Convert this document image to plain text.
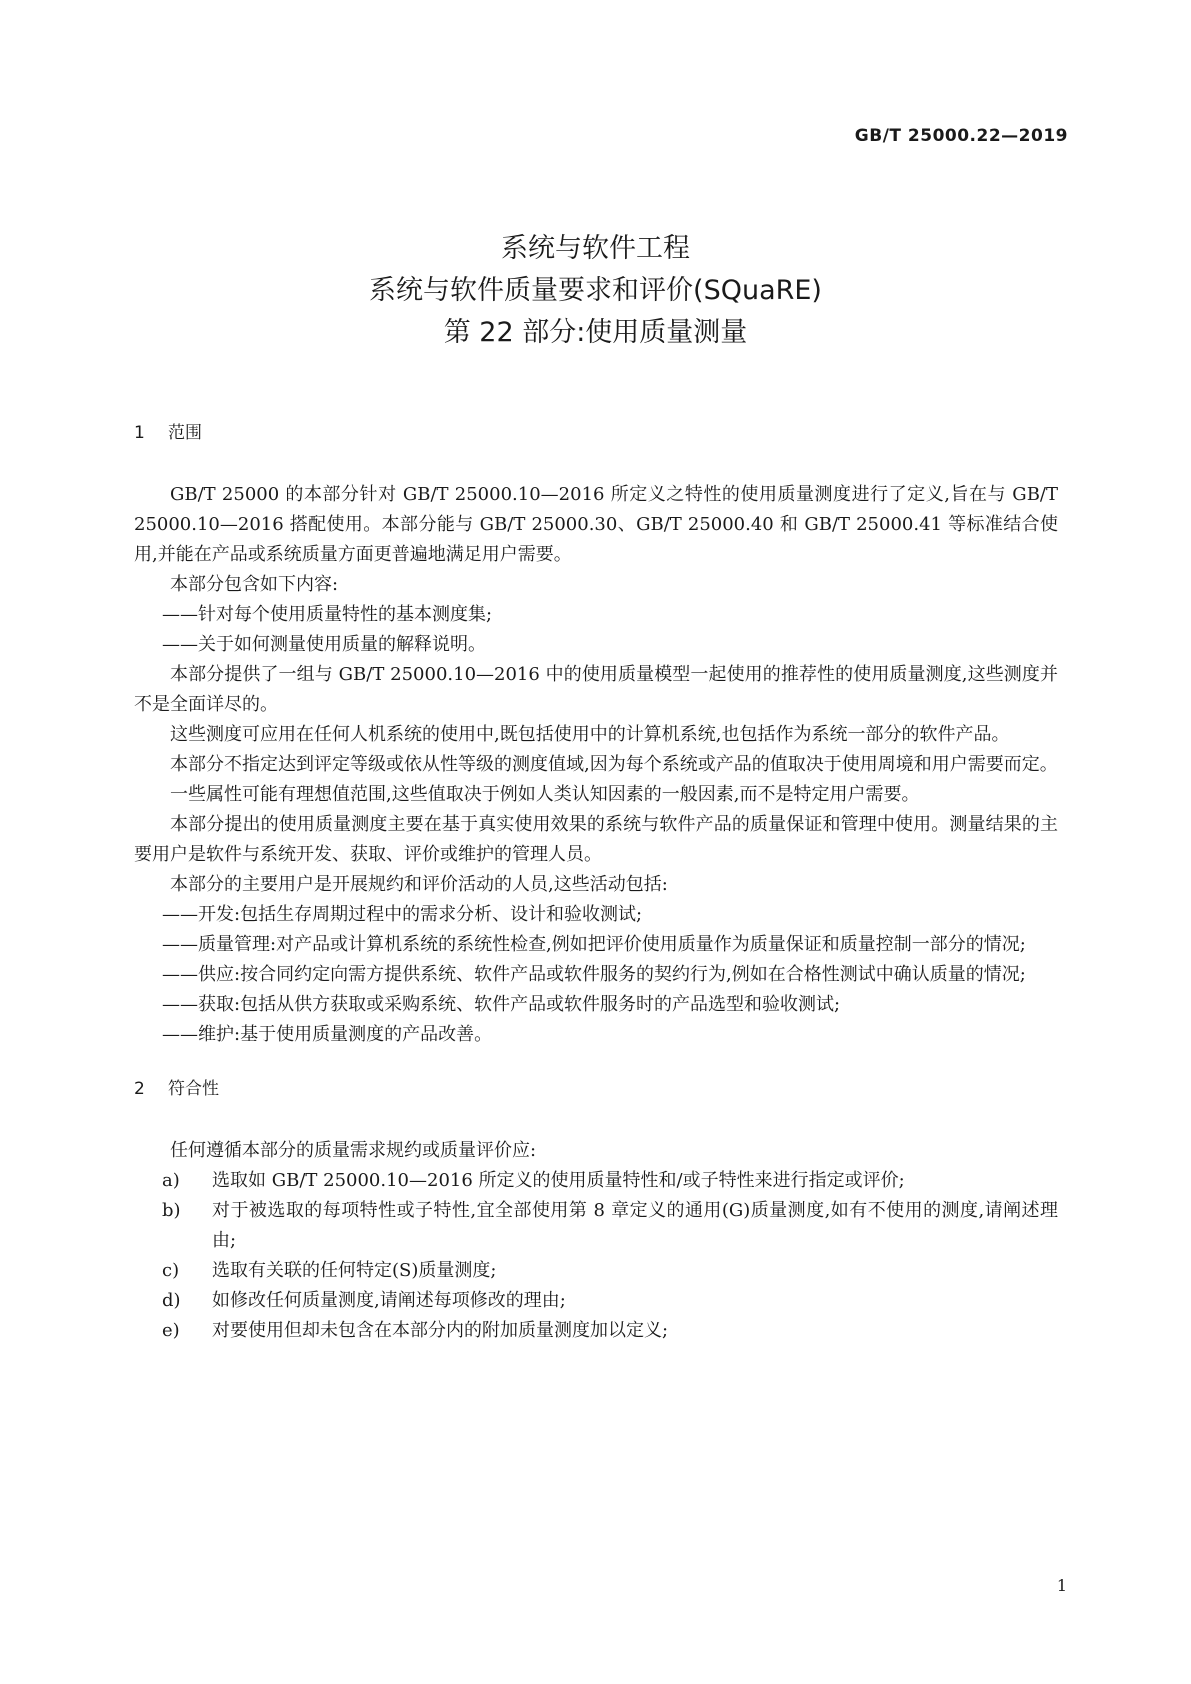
GB/T 25000.22—2019
系统与软件工程
系统与软件质量要求和评价(SQuaRE)
第 22 部分:使用质量测量
1 范围

GB/T 25000 的本部分针对 GB/T 25000.10—2016 所定义之特性的使用质量测度进行了定义,旨在与 GB/T 25000.10—2016 搭配使用。本部分能与 GB/T 25000.30、GB/T 25000.40 和 GB/T 25000.41 等标准结合使用,并能在产品或系统质量方面更普遍地满足用户需要。

本部分包含如下内容:

——针对每个使用质量特性的基本测度集;
——关于如何测量使用质量的解释说明。

本部分提供了一组与 GB/T 25000.10—2016 中的使用质量模型一起使用的推荐性的使用质量测度,这些测度并不是全面详尽的。

这些测度可应用在任何人机系统的使用中,既包括使用中的计算机系统,也包括作为系统一部分的软件产品。

本部分不指定达到评定等级或依从性等级的测度值域,因为每个系统或产品的值取决于使用周境和用户需要而定。

一些属性可能有理想值范围,这些值取决于例如人类认知因素的一般因素,而不是特定用户需要。

本部分提出的使用质量测度主要在基于真实使用效果的系统与软件产品的质量保证和管理中使用。测量结果的主要用户是软件与系统开发、获取、评价或维护的管理人员。

本部分的主要用户是开展规约和评价活动的人员,这些活动包括:

——开发:包括生存周期过程中的需求分析、设计和验收测试;
——质量管理:对产品或计算机系统的系统性检查,例如把评价使用质量作为质量保证和质量控制一部分的情况;
——供应:按合同约定向需方提供系统、软件产品或软件服务的契约行为,例如在合格性测试中确认质量的情况;
——获取:包括从供方获取或采购系统、软件产品或软件服务时的产品选型和验收测试;
——维护:基于使用质量测度的产品改善。
2 符合性

任何遵循本部分的质量需求规约或质量评价应:

a) 选取如 GB/T 25000.10—2016 所定义的使用质量特性和/或子特性来进行指定或评价;
b) 对于被选取的每项特性或子特性,宜全部使用第 8 章定义的通用(G)质量测度,如有不使用的测度,请阐述理由;
c) 选取有关联的任何特定(S)质量测度;
d) 如修改任何质量测度,请阐述每项修改的理由;
e) 对要使用但却未包含在本部分内的附加质量测度加以定义;
1
